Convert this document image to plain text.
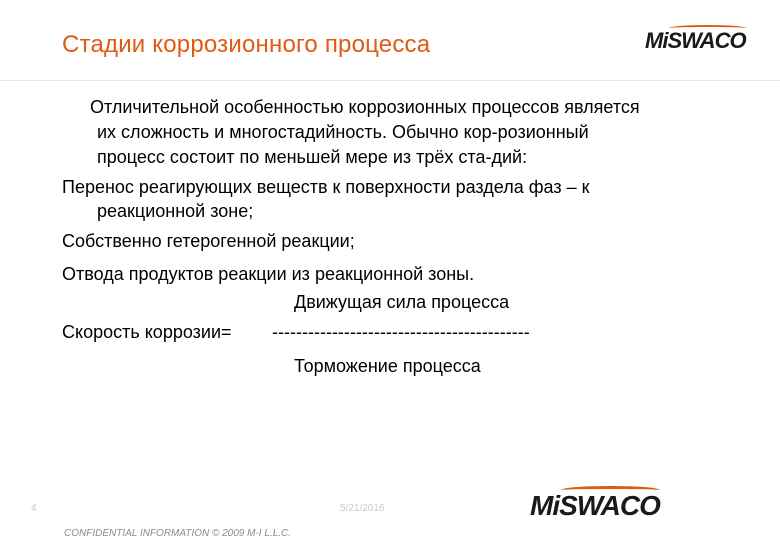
Стадии коррозионного процесса	Mi SWACO

Отличительной особенностью коррозионных процессов является

их сложность и многостадийность. Обычно кор-розионный

процесс состоит по меньшей мере из трёх ста-дий:

Перенос реагирующих веществ к поверхности раздела фаз – к

реакционной зоне;

Собственно гетерогенной реакции;

Отвода продуктов реакции из реакционной зоны.

Движущая сила процесса
Скорость коррозии= -------------------------------------------
Торможение процесса
4	5/21/2016	Mi SWACO
CONFIDENTIAL INFORMATION © 2009 M-I L.L.C.
